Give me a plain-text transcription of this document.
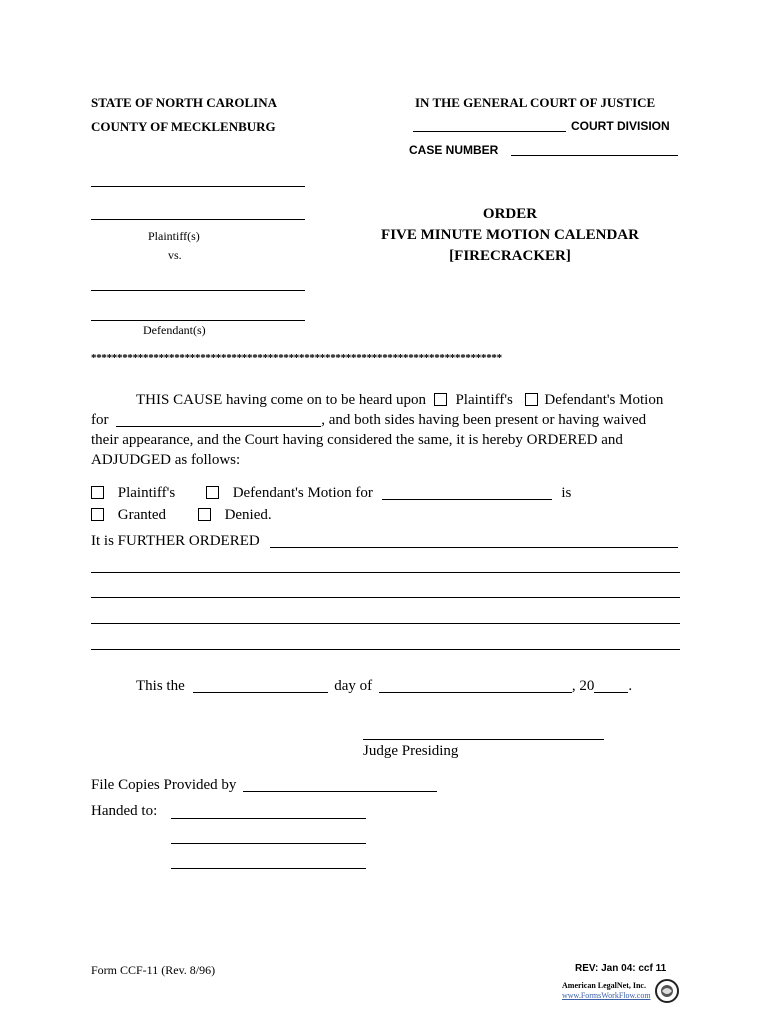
STATE OF NORTH CAROLINA
COUNTY OF MECKLENBURG
IN THE GENERAL COURT OF JUSTICE
COURT DIVISION
CASE NUMBER
Plaintiff(s)
vs.
Defendant(s)
ORDER
FIVE MINUTE MOTION CALENDAR
[FIRECRACKER]
*******************************************************************************
THIS CAUSE having come on to be heard upon Plaintiff's Defendant's Motion
for	, and both sides having been present or having waived
their appearance, and the Court having considered the same, it is hereby ORDERED and
ADJUDGED as follows:
Plaintiff's	Defendant's Motion for	is
Granted	Denied.
It is FURTHER ORDERED
This the	day of	, 20 .
Judge Presiding
File Copies Provided by
Handed to:
Form CCF-11 (Rev. 8/96)	REV: Jan 04: ccf 11
American LegalNet, Inc.
www.FormsWorkFlow.com
